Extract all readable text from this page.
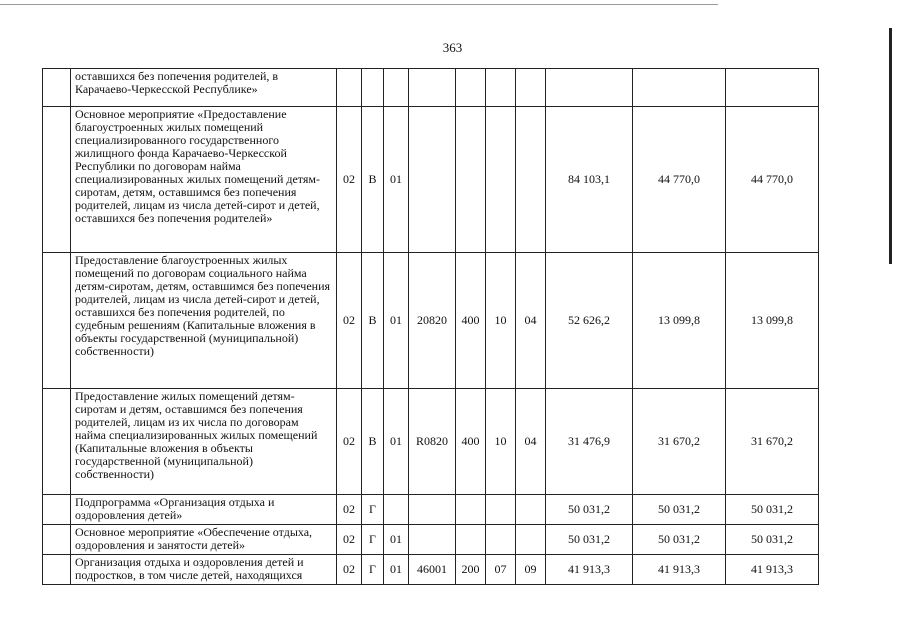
363
	оставшихся без попечения родителей, в Карачаево-Черкесской Республике»										
	Основное мероприятие «Предоставление благоустроенных жилых помещений специализированного государственного жилищного фонда Карачаево-Черкесской Республики по договорам найма специализированных жилых помещений детям-сиротам, детям, оставшимся без попечения родителей, лицам из числа детей-сирот и детей, оставшихся без попечения родителей»	02	В	01					84 103,1	44 770,0	44 770,0
	Предоставление благоустроенных жилых помещений по договорам социального найма детям-сиротам, детям, оставшимся без попечения родителей, лицам из числа детей-сирот и детей, оставшихся без попечения родителей, по судебным решениям (Капитальные вложения в объекты государственной (муниципальной) собственности)	02	В	01	20820	400	10	04	52 626,2	13 099,8	13 099,8
	Предоставление жилых помещений детям-сиротам и детям, оставшимся без попечения родителей, лицам из их числа по договорам найма специализированных жилых помещений (Капитальные вложения в объекты государственной (муниципальной) собственности)	02	В	01	R0820	400	10	04	31 476,9	31 670,2	31 670,2
	Подпрограмма «Организация отдыха и оздоровления детей»	02	Г						50 031,2	50 031,2	50 031,2
	Основное мероприятие «Обеспечение отдыха, оздоровления и занятости детей»	02	Г	01					50 031,2	50 031,2	50 031,2
	Организация отдыха и оздоровления детей и подростков, в том числе детей, находящихся	02	Г	01	46001	200	07	09	41 913,3	41 913,3	41 913,3
